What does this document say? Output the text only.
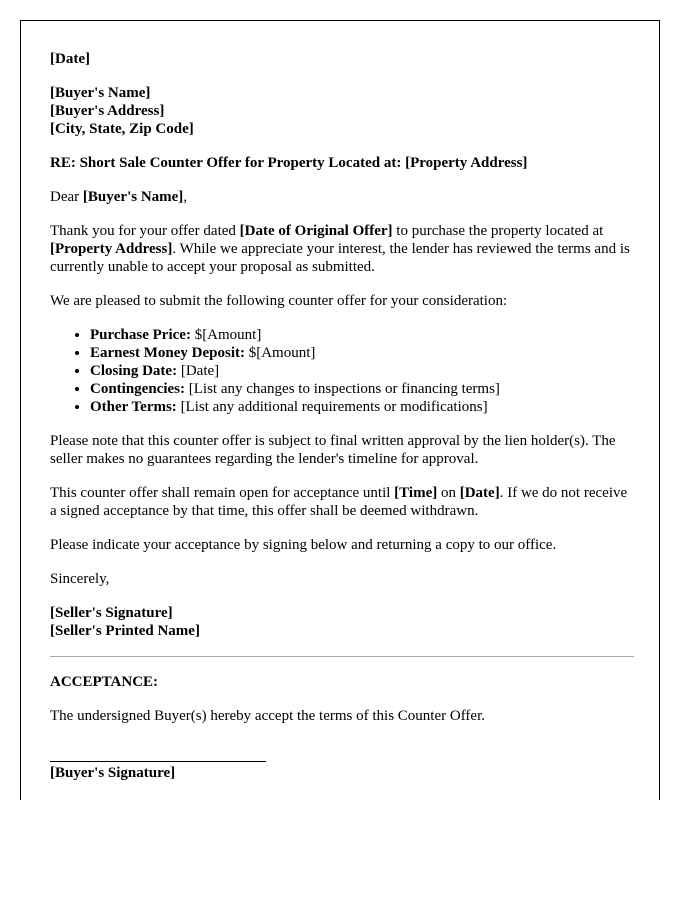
[Date]

[Buyer's Name]
[Buyer's Address]
[City, State, Zip Code]

RE: Short Sale Counter Offer for Property Located at: [Property Address]

Dear [Buyer's Name],

Thank you for your offer dated [Date of Original Offer] to purchase the property located at [Property Address]. While we appreciate your interest, the lender has reviewed the terms and is currently unable to accept your proposal as submitted.

We are pleased to submit the following counter offer for your consideration:

• Purchase Price: $[Amount]
• Earnest Money Deposit: $[Amount]
• Closing Date: [Date]
• Contingencies: [List any changes to inspections or financing terms]
• Other Terms: [List any additional requirements or modifications]

Please note that this counter offer is subject to final written approval by the lien holder(s). The seller makes no guarantees regarding the lender's timeline for approval.

This counter offer shall remain open for acceptance until [Time] on [Date]. If we do not receive a signed acceptance by that time, this offer shall be deemed withdrawn.

Please indicate your acceptance by signing below and returning a copy to our office.

Sincerely,

[Seller's Signature]
[Seller's Printed Name]

ACCEPTANCE:

The undersigned Buyer(s) hereby accept the terms of this Counter Offer.

[Buyer's Signature]
